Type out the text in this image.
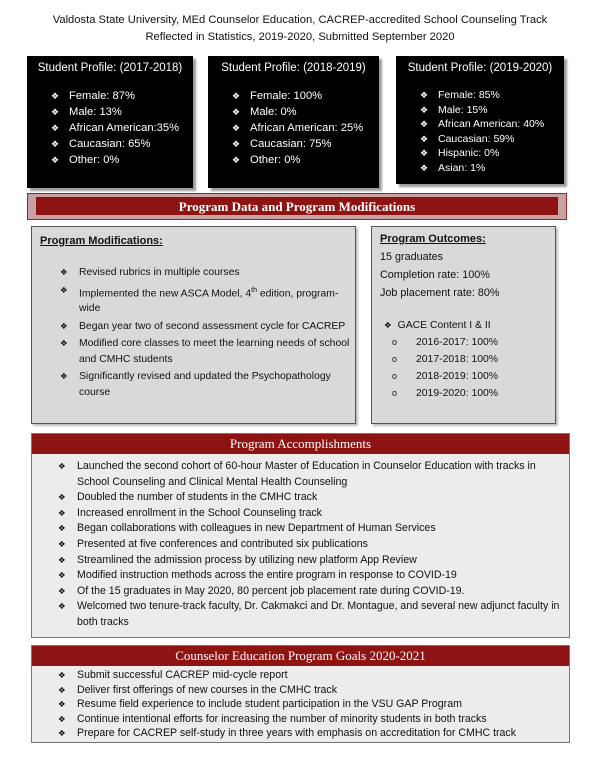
Valdosta State University, MEd Counselor Education, CACREP-accredited School Counseling Track
Reflected in Statistics, 2019-2020, Submitted September 2020
Student Profile: (2017-2018)
❖ Female: 87%
❖ Male: 13%
❖ African American:35%
❖ Caucasian: 65%
❖ Other: 0%
Student Profile: (2018-2019)
❖ Female: 100%
❖ Male: 0%
❖ African American: 25%
❖ Caucasian: 75%
❖ Other: 0%
Student Profile: (2019-2020)
❖ Female: 85%
❖ Male: 15%
❖ African American: 40%
❖ Caucasian: 59%
❖ Hispanic: 0%
❖ Asian: 1%
Program Data and Program Modifications
Program Modifications:
❖ Revised rubrics in multiple courses
❖ Implemented the new ASCA Model, 4th edition, program-wide
❖ Began year two of second assessment cycle for CACREP
❖ Modified core classes to meet the learning needs of school and CMHC students
❖ Significantly revised and updated the Psychopathology course
Program Outcomes:
15 graduates
Completion rate: 100%
Job placement rate: 80%
❖ GACE Content I & II
o 2016-2017: 100%
o 2017-2018: 100%
o 2018-2019: 100%
o 2019-2020: 100%
Program Accomplishments
❖ Launched the second cohort of 60-hour Master of Education in Counselor Education with tracks in School Counseling and Clinical Mental Health Counseling
❖ Doubled the number of students in the CMHC track
❖ Increased enrollment in the School Counseling track
❖ Began collaborations with colleagues in new Department of Human Services
❖ Presented at five conferences and contributed six publications
❖ Streamlined the admission process by utilizing new platform App Review
❖ Modified instruction methods across the entire program in response to COVID-19
❖ Of the 15 graduates in May 2020, 80 percent job placement rate during COVID-19.
❖ Welcomed two tenure-track faculty, Dr. Cakmakci and Dr. Montague, and several new adjunct faculty in both tracks
Counselor Education Program Goals 2020-2021
❖ Submit successful CACREP mid-cycle report
❖ Deliver first offerings of new courses in the CMHC track
❖ Resume field experience to include student participation in the VSU GAP Program
❖ Continue intentional efforts for increasing the number of minority students in both tracks
❖ Prepare for CACREP self-study in three years with emphasis on accreditation for CMHC track
